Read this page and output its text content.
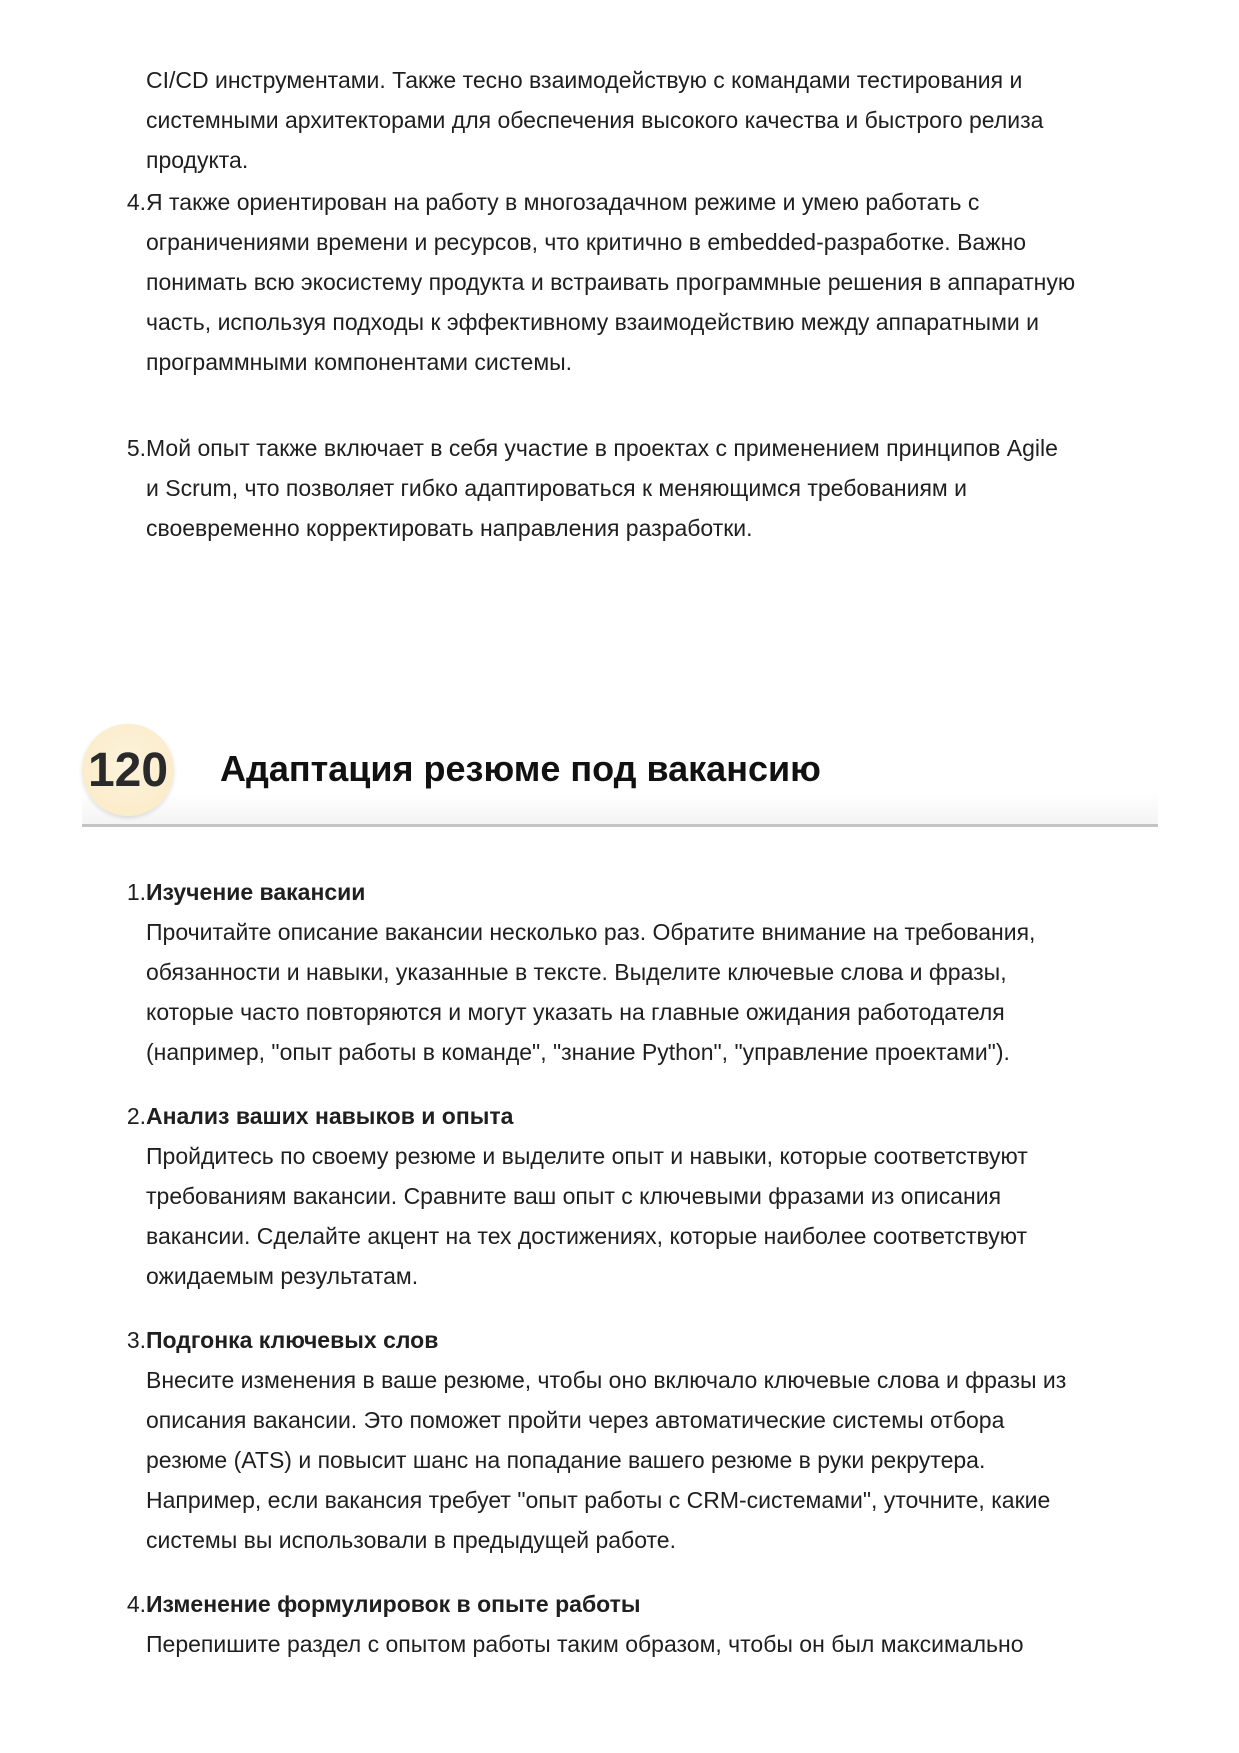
CI/CD инструментами. Также тесно взаимодействую с командами тестирования и
системными архитекторами для обеспечения высокого качества и быстрого релиза
продукта.

4. Я также ориентирован на работу в многозадачном режиме и умею работать с
ограничениями времени и ресурсов, что критично в embedded-разработке. Важно
понимать всю экосистему продукта и встраивать программные решения в аппаратную
часть, используя подходы к эффективному взаимодействию между аппаратными и
программными компонентами системы.
5. Мой опыт также включает в себя участие в проектах с применением принципов Agile
и Scrum, что позволяет гибко адаптироваться к меняющимся требованиям и
своевременно корректировать направления разработки.
120 Адаптация резюме под вакансию
1. Изучение вакансии
Прочитайте описание вакансии несколько раз. Обратите внимание на требования,
обязанности и навыки, указанные в тексте. Выделите ключевые слова и фразы,
которые часто повторяются и могут указать на главные ожидания работодателя
(например, "опыт работы в команде", "знание Python", "управление проектами").
2. Анализ ваших навыков и опыта
Пройдитесь по своему резюме и выделите опыт и навыки, которые соответствуют
требованиям вакансии. Сравните ваш опыт с ключевыми фразами из описания
вакансии. Сделайте акцент на тех достижениях, которые наиболее соответствуют
ожидаемым результатам.
3. Подгонка ключевых слов
Внесите изменения в ваше резюме, чтобы оно включало ключевые слова и фразы из
описания вакансии. Это поможет пройти через автоматические системы отбора
резюме (ATS) и повысит шанс на попадание вашего резюме в руки рекрутера.
Например, если вакансия требует "опыт работы с CRM-системами", уточните, какие
системы вы использовали в предыдущей работе.
4. Изменение формулировок в опыте работы
Перепишите раздел с опытом работы таким образом, чтобы он был максимально
